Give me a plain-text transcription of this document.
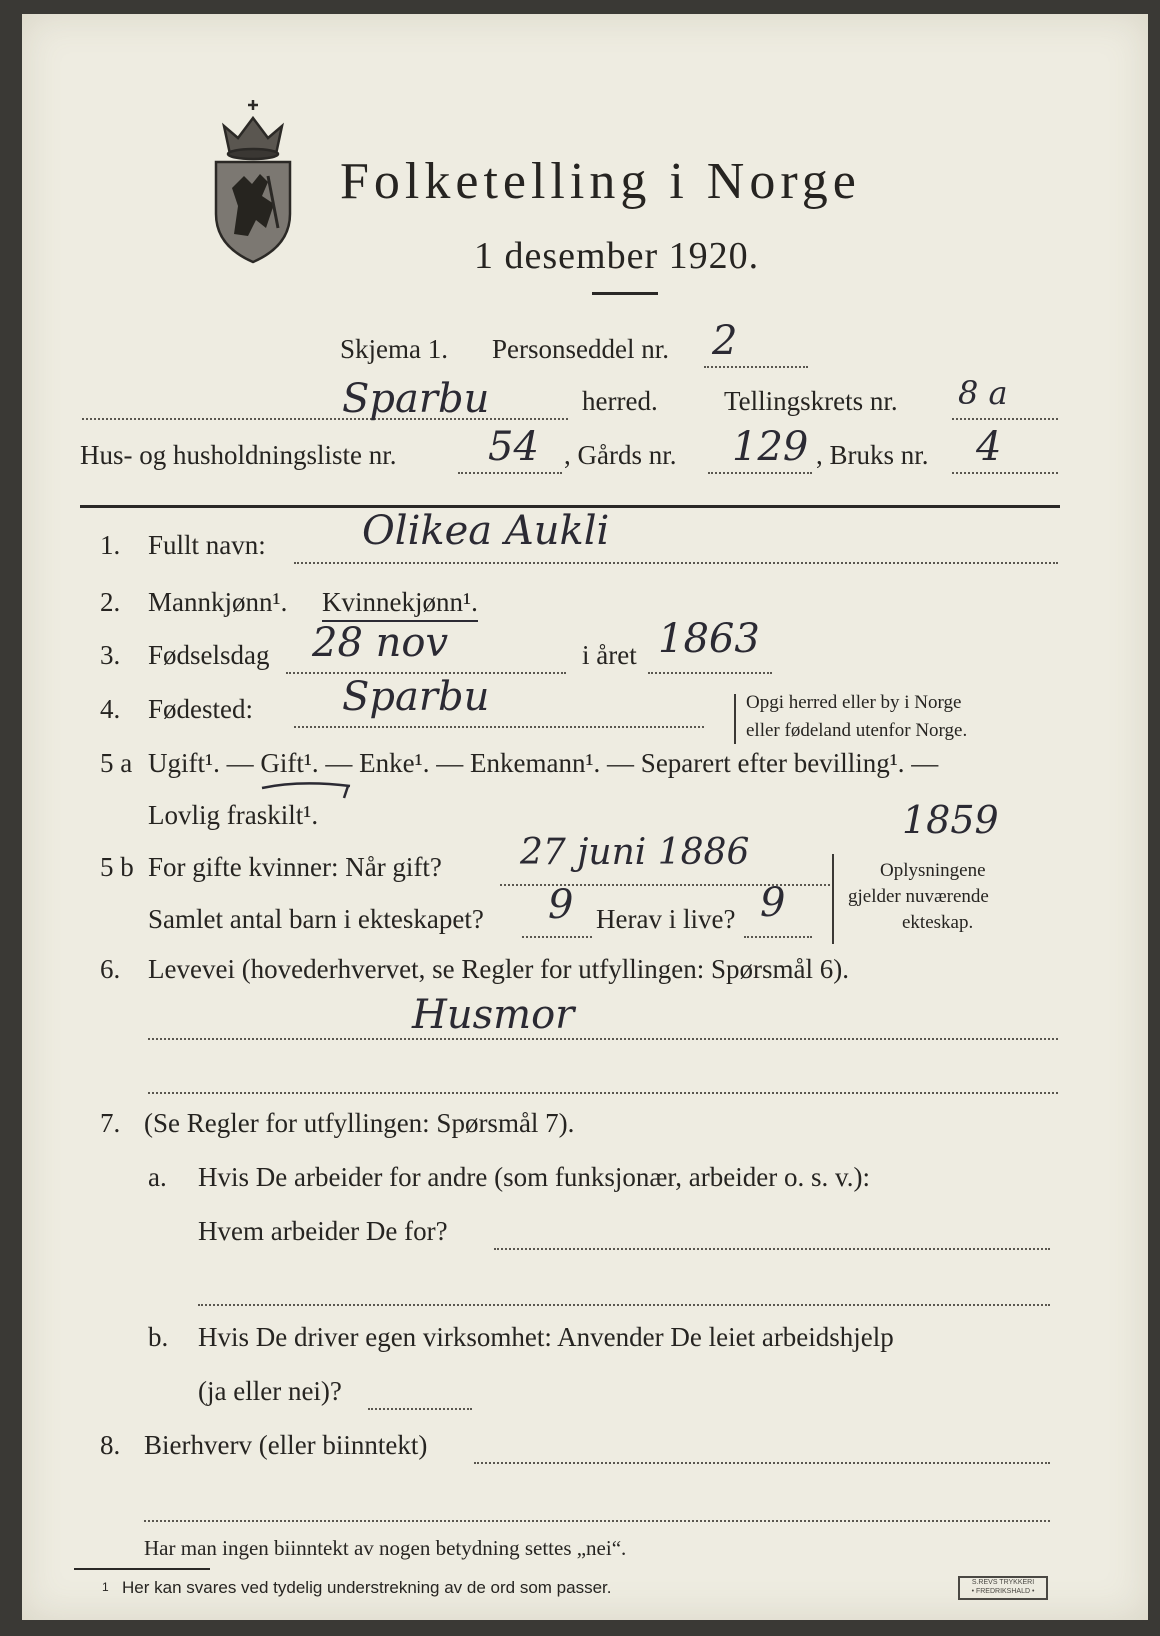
Folketelling i Norge
1 desember 1920.
Skjema 1. Personseddel nr. 2
Sparbu	herred. Tellingskrets nr. 8 a
Hus- og husholdningsliste nr. 54 , Gårds nr. 129 , Bruks nr. 4
1. Fullt navn: Olikea Aukli
2. Mannkjønn¹. Kvinnekjønn¹.
3. Fødselsdag 28 nov	i året 1863
4. Fødested: Sparbu	Opgi herred eller by i Norge
eller fødeland utenfor Norge.
5 a Ugift¹. — Gift¹. — Enke¹. — Enkemann¹. — Separert efter bevilling¹. —
Lovlig fraskilt¹.	1859
5 b For gifte kvinner: Når gift? 27 juni 1886
Samlet antal barn i ekteskapet? 9 Herav i live? 9
Oplysningene
gjelder nuværende
ekteskap.
6. Levevei (hovederhvervet, se Regler for utfyllingen: Spørsmål 6).
Husmor
7. (Se Regler for utfyllingen: Spørsmål 7).
a. Hvis De arbeider for andre (som funksjonær, arbeider o. s. v.):
Hvem arbeider De for?
b. Hvis De driver egen virksomhet: Anvender De leiet arbeidshjelp
(ja eller nei)?
8. Bierhverv (eller biinntekt)
Har man ingen biinntekt av nogen betydning settes „nei“.
1 Her kan svares ved tydelig understrekning av de ord som passer.	S.REVS TRYKKERI
• FREDRIKSHALD •
